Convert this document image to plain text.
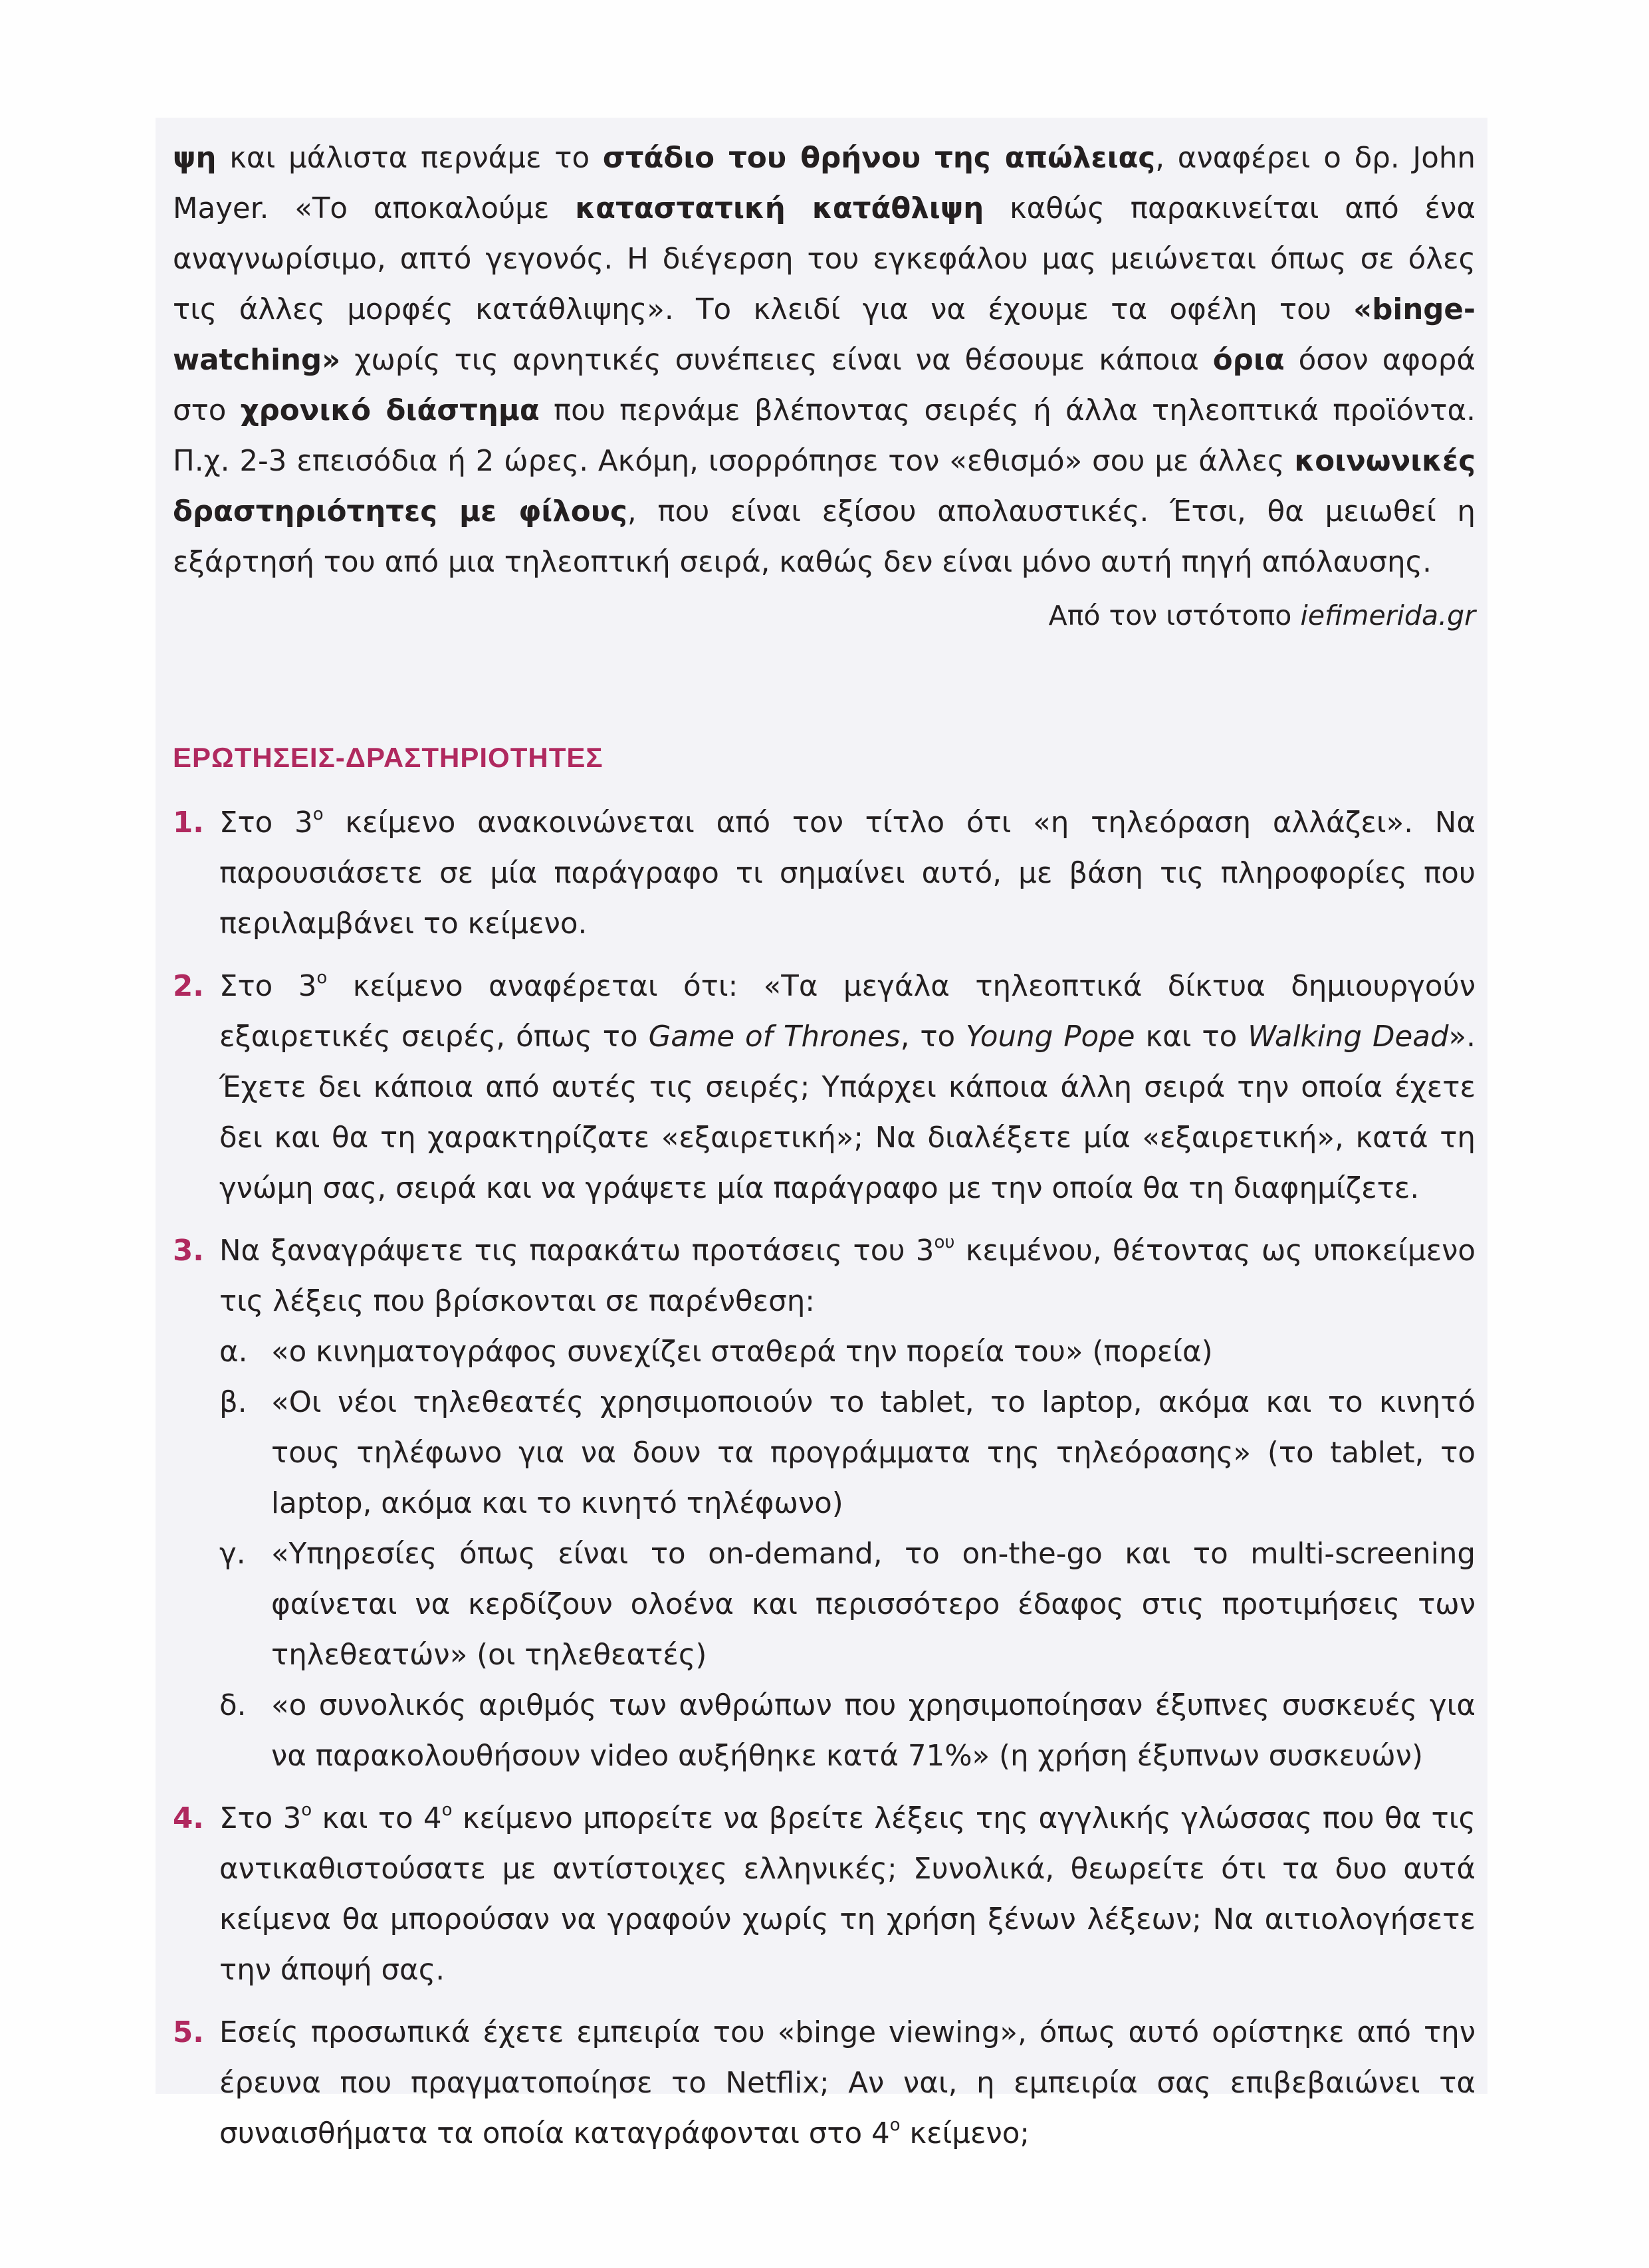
ψη και μάλιστα περνάμε το στάδιο του θρήνου της απώλειας, αναφέρει ο δρ. John Mayer. «Το αποκαλούμε καταστατική κατάθλιψη καθώς παρακινείται από ένα αναγνωρίσιμο, απτό γεγονός. Η διέγερση του εγκεφάλου μας μειώνεται όπως σε όλες τις άλλες μορφές κατάθλιψης». Το κλειδί για να έχουμε τα οφέλη του «binge-watching» χωρίς τις αρνητικές συνέπειες είναι να θέσουμε κάποια όρια όσον αφορά στο χρονικό διάστημα που περνάμε βλέποντας σειρές ή άλλα τηλεοπτικά προϊόντα. Π.χ. 2-3 επεισόδια ή 2 ώρες. Ακόμη, ισορρόπησε τον «εθισμό» σου με άλλες κοινωνικές δραστηριότητες με φίλους, που είναι εξίσου απολαυστικές. Έτσι, θα μειωθεί η εξάρτησή του από μια τηλεοπτική σειρά, καθώς δεν είναι μόνο αυτή πηγή απόλαυσης.

Από τον ιστότοπο iefimerida.gr

ΕΡΩΤΗΣΕΙΣ-ΔΡΑΣΤΗΡΙΟΤΗΤΕΣ
1. Στο $3^o$ κείμενο ανακοινώνεται από τον τίτλο ότι «η τηλεόραση αλλάζει». Να παρουσιάσετε σε μία παράγραφο τι σημαίνει αυτό, με βάση τις πληροφορίες που περιλαμβάνει το κείμενο.
2. Στο $3^o$ κείμενο αναφέρεται ότι: «Τα μεγάλα τηλεοπτικά δίκτυα δημιουργούν εξαιρετικές σειρές, όπως το Game of Thrones, το Young Pope και το Walking Dead». Έχετε δει κάποια από αυτές τις σειρές; Υπάρχει κάποια άλλη σειρά την οποία έχετε δει και θα τη χαρακτηρίζατε «εξαιρετική»; Να διαλέξετε μία «εξαιρετική», κατά τη γνώμη σας, σειρά και να γράψετε μία παράγραφο με την οποία θα τη διαφημίζετε.
3. Να ξαναγράψετε τις παρακάτω προτάσεις του $3^{o\upsilon}$ κειμένου, θέτοντας ως υποκείμενο τις λέξεις που βρίσκονται σε παρένθεση:
α. «ο κινηματογράφος συνεχίζει σταθερά την πορεία του» (πορεία)
β. «Οι νέοι τηλεθεατές χρησιμοποιούν το tablet, το laptop, ακόμα και το κινητό τους τηλέφωνο για να δουν τα προγράμματα της τηλεόρασης» (το tablet, το laptop, ακόμα και το κινητό τηλέφωνο)
γ. «Υπηρεσίες όπως είναι το on-demand, το on-the-go και το multi-screening φαίνεται να κερδίζουν ολοένα και περισσότερο έδαφος στις προτιμήσεις των τηλεθεατών» (οι τηλεθεατές)
δ. «ο συνολικός αριθμός των ανθρώπων που χρησιμοποίησαν έξυπνες συσκευές για να παρακολουθήσουν video αυξήθηκε κατά 71%» (η χρήση έξυπνων συσκευών)
4. Στο $3^o$ και το $4^o$ κείμενο μπορείτε να βρείτε λέξεις της αγγλικής γλώσσας που θα τις αντικαθιστούσατε με αντίστοιχες ελληνικές; Συνολικά, θεωρείτε ότι τα δυο αυτά κείμενα θα μπορούσαν να γραφούν χωρίς τη χρήση ξένων λέξεων; Να αιτιολογήσετε την άποψή σας.
5. Εσείς προσωπικά έχετε εμπειρία του «binge viewing», όπως αυτό ορίστηκε από την έρευνα που πραγματοποίησε το Netflix; Αν ναι, η εμπειρία σας επιβεβαιώνει τα συναισθήματα τα οποία καταγράφονται στο $4^o$ κείμενο;
